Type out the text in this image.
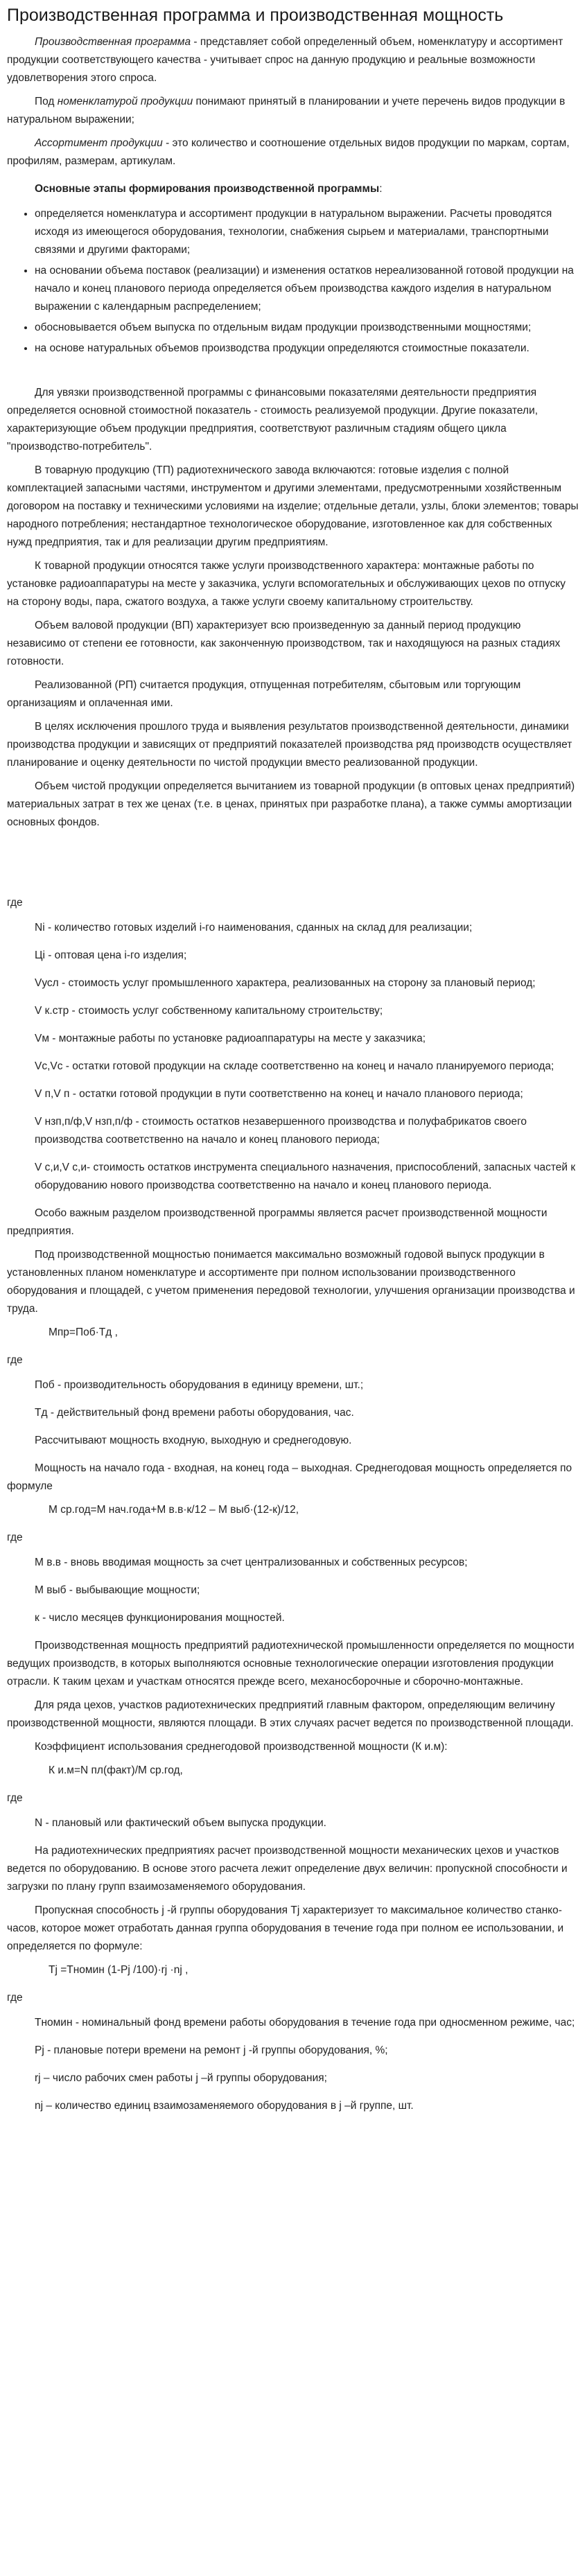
Производственная программа и производственная мощность

Производственная программа - представляет собой определенный объем, номенклатуру и ассортимент продукции соответствующего качества - учитывает спрос на данную продукцию и реальные возможности удовлетворения этого спроса.

Под номенклатурой продукции понимают принятый в планировании и учете перечень видов продукции в натуральном выражении;

Ассортимент продукции - это количество и соотношение отдельных видов продукции по маркам, сортам, профилям, размерам, артикулам.

Основные этапы формирования производственной программы:

• определяется номенклатура и ассортимент продукции в натуральном выражении. Расчеты проводятся исходя из имеющегося оборудования, технологии, снабжения сырьем и материалами, транспортными связями и другими факторами;
• на основании объема поставок (реализации) и изменения остатков нереализованной готовой продукции на начало и конец планового периода определяется объем производства каждого изделия в натуральном выражении с календарным распределением;
• обосновывается объем выпуска по отдельным видам продукции производственными мощностями;
• на основе натуральных объемов производства продукции определяются стоимостные показатели.

Для увязки производственной программы с финансовыми показателями деятельности предприятия определяется основной стоимостной показатель - стоимость реализуемой продукции. Другие показатели, характеризующие объем продукции предприятия, соответствуют различным стадиям общего цикла "производство-потребитель".

В товарную продукцию (ТП) радиотехнического завода включаются: готовые изделия с полной комплектацией запасными частями, инструментом и другими элементами, предусмотренными хозяйственным договором на поставку и техническими условиями на изделие; отдельные детали, узлы, блоки элементов; товары народного потребления; нестандартное технологическое оборудование, изготовленное как для собственных нужд предприятия, так и для реализации другим предприятиям.

К товарной продукции относятся также услуги производственного характера: монтажные работы по установке радиоаппаратуры на месте у заказчика, услуги вспомогательных и обслуживающих цехов по отпуску на сторону воды, пара, сжатого воздуха, а также услуги своему капитальному строительству.

Объем валовой продукции (ВП) характеризует всю произведенную за данный период продукцию независимо от степени ее готовности, как законченную производством, так и находящуюся на разных стадиях готовности.

Реализованной (РП) считается продукция, отпущенная потребителям, сбытовым или торгующим организациям и оплаченная ими.

В целях исключения прошлого труда и выявления результатов производственной деятельности, динамики производства продукции и зависящих от предприятий показателей производства ряд производств осуществляет планирование и оценку деятельности по чистой продукции вместо реализованной продукции.

Объем чистой продукции определяется вычитанием из товарной продукции (в оптовых ценах предприятий) материальных затрат в тех же ценах (т.е. в ценах, принятых при разработке плана), а также суммы амортизации основных фондов.

где

Ni - количество готовых изделий i-го наименования, сданных на склад для реализации;

Ці - оптовая цена i-го изделия;

Vусл - стоимость услуг промышленного характера, реализованных на сторону за плановый период;

V к.стр - стоимость услуг собственному капитальному строительству;

Vм - монтажные работы по установке радиоаппаратуры на месте у заказчика;

Vc,Vc - остатки готовой продукции на складе соответственно на конец и начало планируемого периода;

V п,V п - остатки готовой продукции в пути соответственно на конец и начало планового периода;

V нзп,п/ф,V нзп,п/ф - стоимость остатков незавершенного производства и полуфабрикатов своего производства соответственно на начало и конец планового периода;

V с,и,V с,и- стоимость остатков инструмента специального назначения, приспособлений, запасных частей к оборудованию нового производства соответственно на начало и конец планового периода.

Особо важным разделом производственной программы является расчет производственной мощности предприятия.

Под производственной мощностью понимается максимально возможный годовой выпуск продукции в установленных планом номенклатуре и ассортименте при полном использовании производственного оборудования и площадей, с учетом применения передовой технологии, улучшения организации производства и труда.

Мпр=Поб·Тд ,

где

Поб - производительность оборудования в единицу времени, шт.;

Тд - действительный фонд времени работы оборудования, час.

Рассчитывают мощность входную, выходную и среднегодовую.

Мощность на начало года - входная, на конец года – выходная. Среднегодовая мощность определяется по формуле

М ср.год=М нач.года+М в.в·к/12 – М выб·(12-к)/12,

где

М в.в - вновь вводимая мощность за счет централизованных и собственных ресурсов;

М выб - выбывающие мощности;

к - число месяцев функционирования мощностей.

Производственная мощность предприятий радиотехнической промышленности определяется по мощности ведущих производств, в которых выполняются основные технологические операции изготовления продукции отрасли. К таким цехам и участкам относятся прежде всего, механосборочные и сборочно-монтажные.

Для ряда цехов, участков радиотехнических предприятий главным фактором, определяющим величину производственной мощности, являются площади. В этих случаях расчет ведется по производственной площади.

Коэффициент использования среднегодовой производственной мощности (К и.м):

К и.м=N пл(факт)/М ср.год,

где

N - плановый или фактический объем выпуска продукции.

На радиотехнических предприятиях расчет производственной мощности механических цехов и участков ведется по оборудованию. В основе этого расчета лежит определение двух величин: пропускной способности и загрузки по плану групп взаимозаменяемого оборудования.

Пропускная способность j -й группы оборудования Тj характеризует то максимальное количество станко-часов, которое может отработать данная группа оборудования в течение года при полном ее использовании, и определяется по формуле:

Тj =Тномин (1-Рj /100)·rj ·nj ,

где

Тномин - номинальный фонд времени работы оборудования в течение года при односменном режиме, час;

Pj - плановые потери времени на ремонт j -й группы оборудования, %;

rj – число рабочих смен работы j –й группы оборудования;

nj – количество единиц взаимозаменяемого оборудования в j –й группе, шт.
